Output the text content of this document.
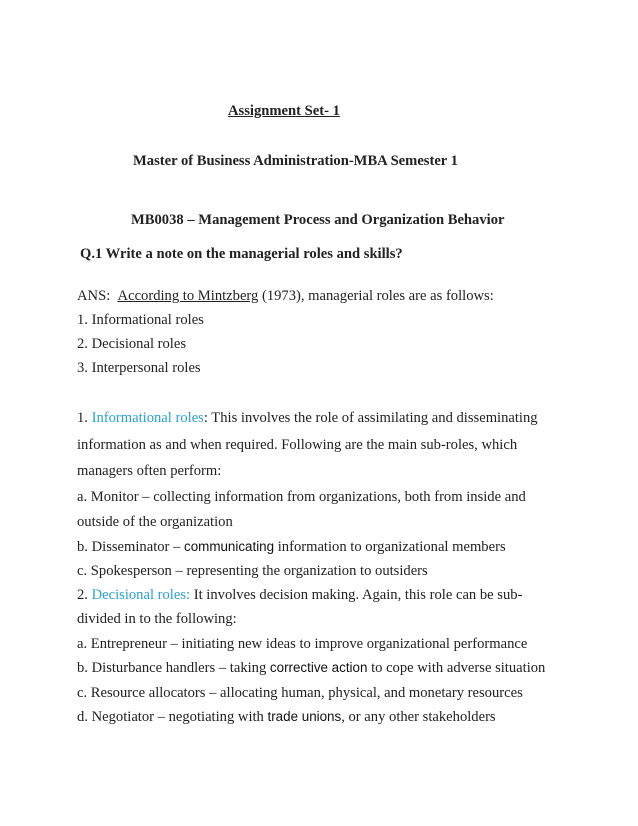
Assignment Set- 1
Master of Business Administration-MBA Semester 1
MB0038 – Management Process and Organization Behavior
Q.1 Write a note on the managerial roles and skills?
ANS: According to Mintzberg (1973), managerial roles are as follows:
1. Informational roles
2. Decisional roles
3. Interpersonal roles
1. Informational roles: This involves the role of assimilating and disseminating
information as and when required. Following are the main sub-roles, which
managers often perform:
a. Monitor – collecting information from organizations, both from inside and
outside of the organization
b. Disseminator – communicating information to organizational members
c. Spokesperson – representing the organization to outsiders
2. Decisional roles: It involves decision making. Again, this role can be sub-
divided in to the following:
a. Entrepreneur – initiating new ideas to improve organizational performance
b. Disturbance handlers – taking corrective action to cope with adverse situation
c. Resource allocators – allocating human, physical, and monetary resources
d. Negotiator – negotiating with trade unions, or any other stakeholders
